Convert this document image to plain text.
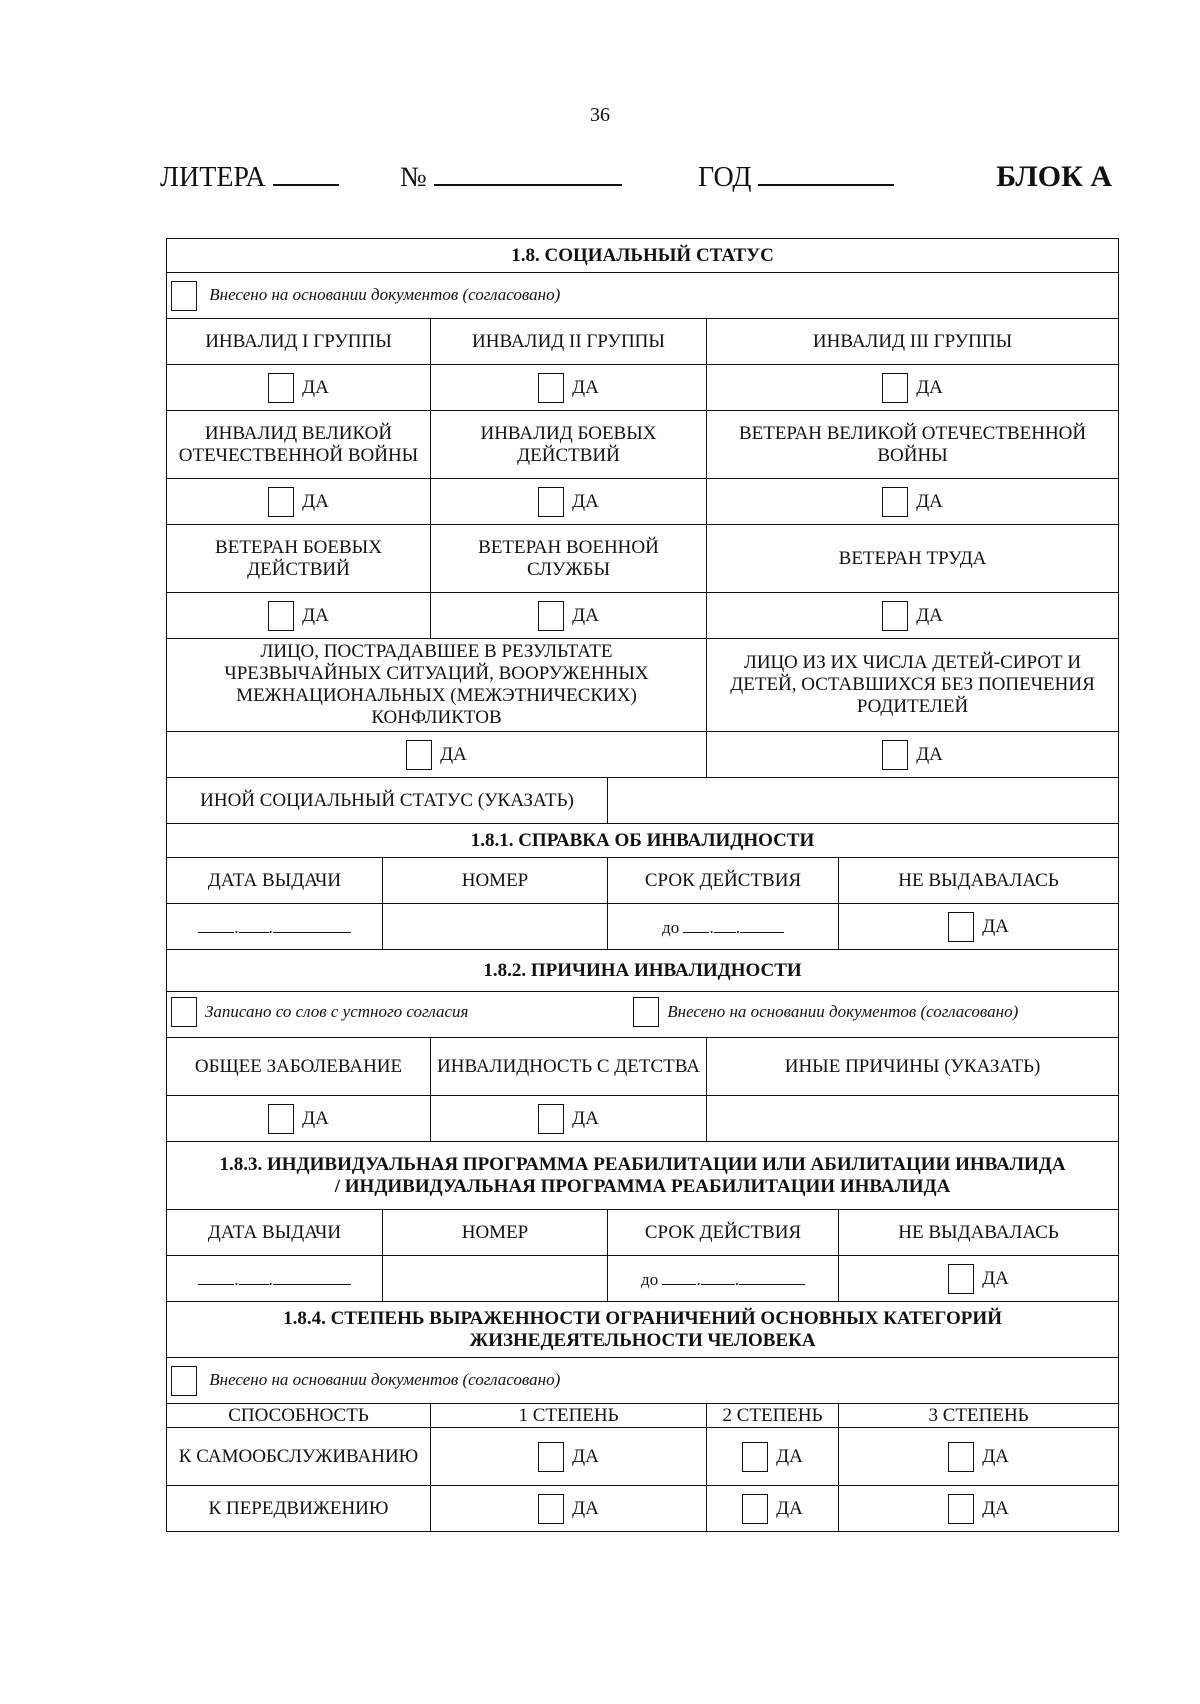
36
ЛИТЕРА	№	ГОД	БЛОК А
1.8. СОЦИАЛЬНЫЙ СТАТУС					
Внесено на основании документов (согласовано)					
ИНВАЛИД I ГРУППЫ		ИНВАЛИД II ГРУППЫ		ИНВАЛИД III ГРУППЫ	
ДА		ДА		ДА	
ИНВАЛИД ВЕЛИКОЙ ОТЕЧЕСТВЕННОЙ ВОЙНЫ		ИНВАЛИД БОЕВЫХ ДЕЙСТВИЙ		ВЕТЕРАН ВЕЛИКОЙ ОТЕЧЕСТВЕННОЙ ВОЙНЫ	
ДА		ДА		ДА	
ВЕТЕРАН БОЕВЫХ ДЕЙСТВИЙ		ВЕТЕРАН ВОЕННОЙ СЛУЖБЫ		ВЕТЕРАН ТРУДА	
ДА		ДА		ДА	
ЛИЦО, ПОСТРАДАВШЕЕ В РЕЗУЛЬТАТЕ ЧРЕЗВЫЧАЙНЫХ СИТУАЦИЙ, ВООРУЖЕННЫХ МЕЖНАЦИОНАЛЬНЫХ (МЕЖЭТНИЧЕСКИХ) КОНФЛИКТОВ				ЛИЦО ИЗ ИХ ЧИСЛА ДЕТЕЙ-СИРОТ И ДЕТЕЙ, ОСТАВШИХСЯ БЕЗ ПОПЕЧЕНИЯ РОДИТЕЛЕЙ	
ДА				ДА	
ИНОЙ СОЦИАЛЬНЫЙ СТАТУС (УКАЗАТЬ)					
1.8.1. СПРАВКА ОБ ИНВАЛИДНОСТИ					
ДАТА ВЫДАЧИ	НОМЕР		СРОК ДЕЙСТВИЯ		НЕ ВЫДАВАЛАСЬ
. .			до . .		ДА
1.8.2. ПРИЧИНА ИНВАЛИДНОСТИ					

Записано со слов с устного согласия
Внесено на основании документов (согласовано)					

ОБЩЕЕ ЗАБОЛЕВАНИЕ		ИНВАЛИДНОСТЬ С ДЕТСТВА		ИНЫЕ ПРИЧИНЫ (УКАЗАТЬ)	
ДА		ДА			

1.8.3. ИНДИВИДУАЛЬНАЯ ПРОГРАММА РЕАБИЛИТАЦИИ ИЛИ АБИЛИТАЦИИ ИНВАЛИДА
/ ИНДИВИДУАЛЬНАЯ ПРОГРАММА РЕАБИЛИТАЦИИ ИНВАЛИДА					

ДАТА ВЫДАЧИ	НОМЕР		СРОК ДЕЙСТВИЯ		НЕ ВЫДАВАЛАСЬ
. .			до . .		ДА

1.8.4. СТЕПЕНЬ ВЫРАЖЕННОСТИ ОГРАНИЧЕНИЙ ОСНОВНЫХ КАТЕГОРИЙ
ЖИЗНЕДЕЯТЕЛЬНОСТИ ЧЕЛОВЕКА					

Внесено на основании документов (согласовано)					
СПОСОБНОСТЬ		1 СТЕПЕНЬ		2 СТЕПЕНЬ	3 СТЕПЕНЬ
К САМООБСЛУЖИВАНИЮ		ДА		ДА	ДА
К ПЕРЕДВИЖЕНИЮ		ДА		ДА	ДА
